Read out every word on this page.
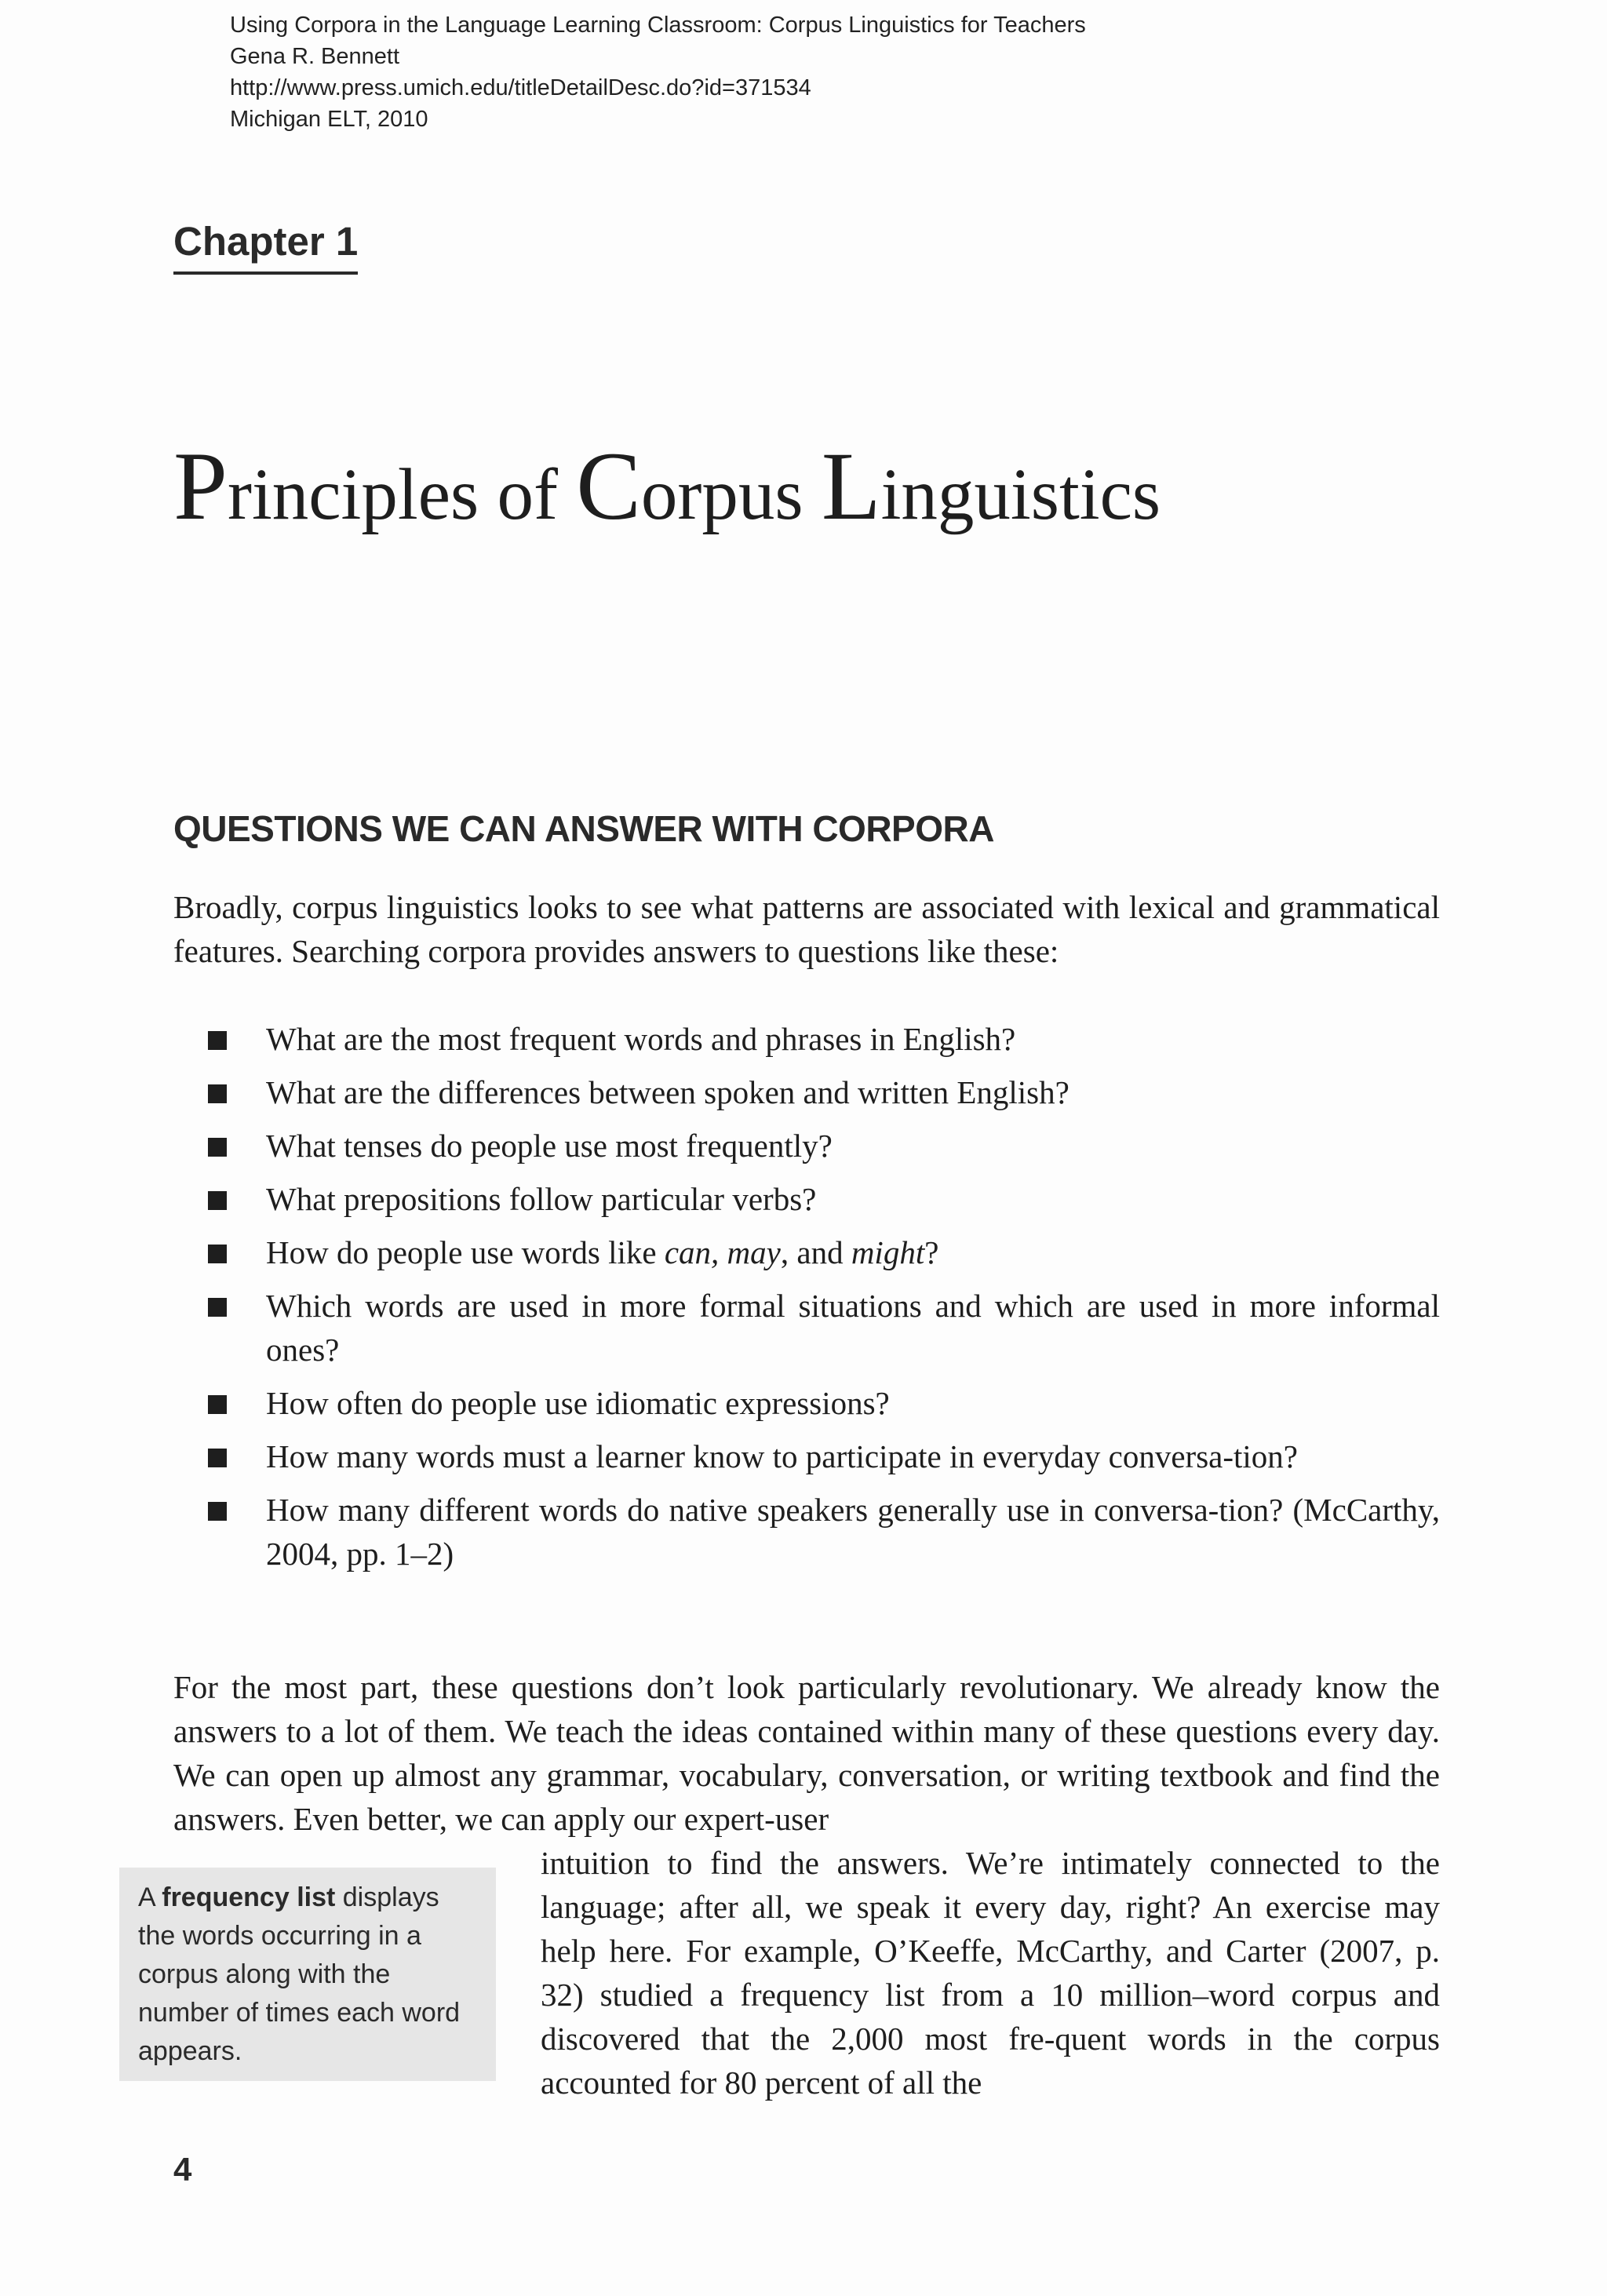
Using Corpora in the Language Learning Classroom: Corpus Linguistics for Teachers
Gena R. Bennett
http://www.press.umich.edu/titleDetailDesc.do?id=371534
Michigan ELT, 2010
Chapter 1
Principles of Corpus Linguistics
QUESTIONS WE CAN ANSWER WITH CORPORA

Broadly, corpus linguistics looks to see what patterns are associated with lexical and grammatical features. Searching corpora provides answers to questions like these:

What are the most frequent words and phrases in English?
What are the differences between spoken and written English?
What tenses do people use most frequently?
What prepositions follow particular verbs?
How do people use words like can, may, and might?
Which words are used in more formal situations and which are used in more informal ones?
How often do people use idiomatic expressions?
How many words must a learner know to participate in everyday conversa-tion?
How many different words do native speakers generally use in conversa-tion? (McCarthy, 2004, pp. 1–2)

For the most part, these questions don’t look particularly revolutionary. We already know the answers to a lot of them. We teach the ideas contained within many of these questions every day. We can open up almost any grammar, vocabulary, conversation, or writing textbook and find the answers. Even better, we can apply our expert-user

intuition to find the answers. We’re intimately connected to the language; after all, we speak it every day, right? An exercise may help here. For example, O’Keeffe, McCarthy, and Carter (2007, p. 32) studied a frequency list from a 10 million–word corpus and discovered that the 2,000 most fre-quent words in the corpus accounted for 80 percent of all the

A frequency list displays the words occurring in a corpus along with the number of times each word appears.
4
